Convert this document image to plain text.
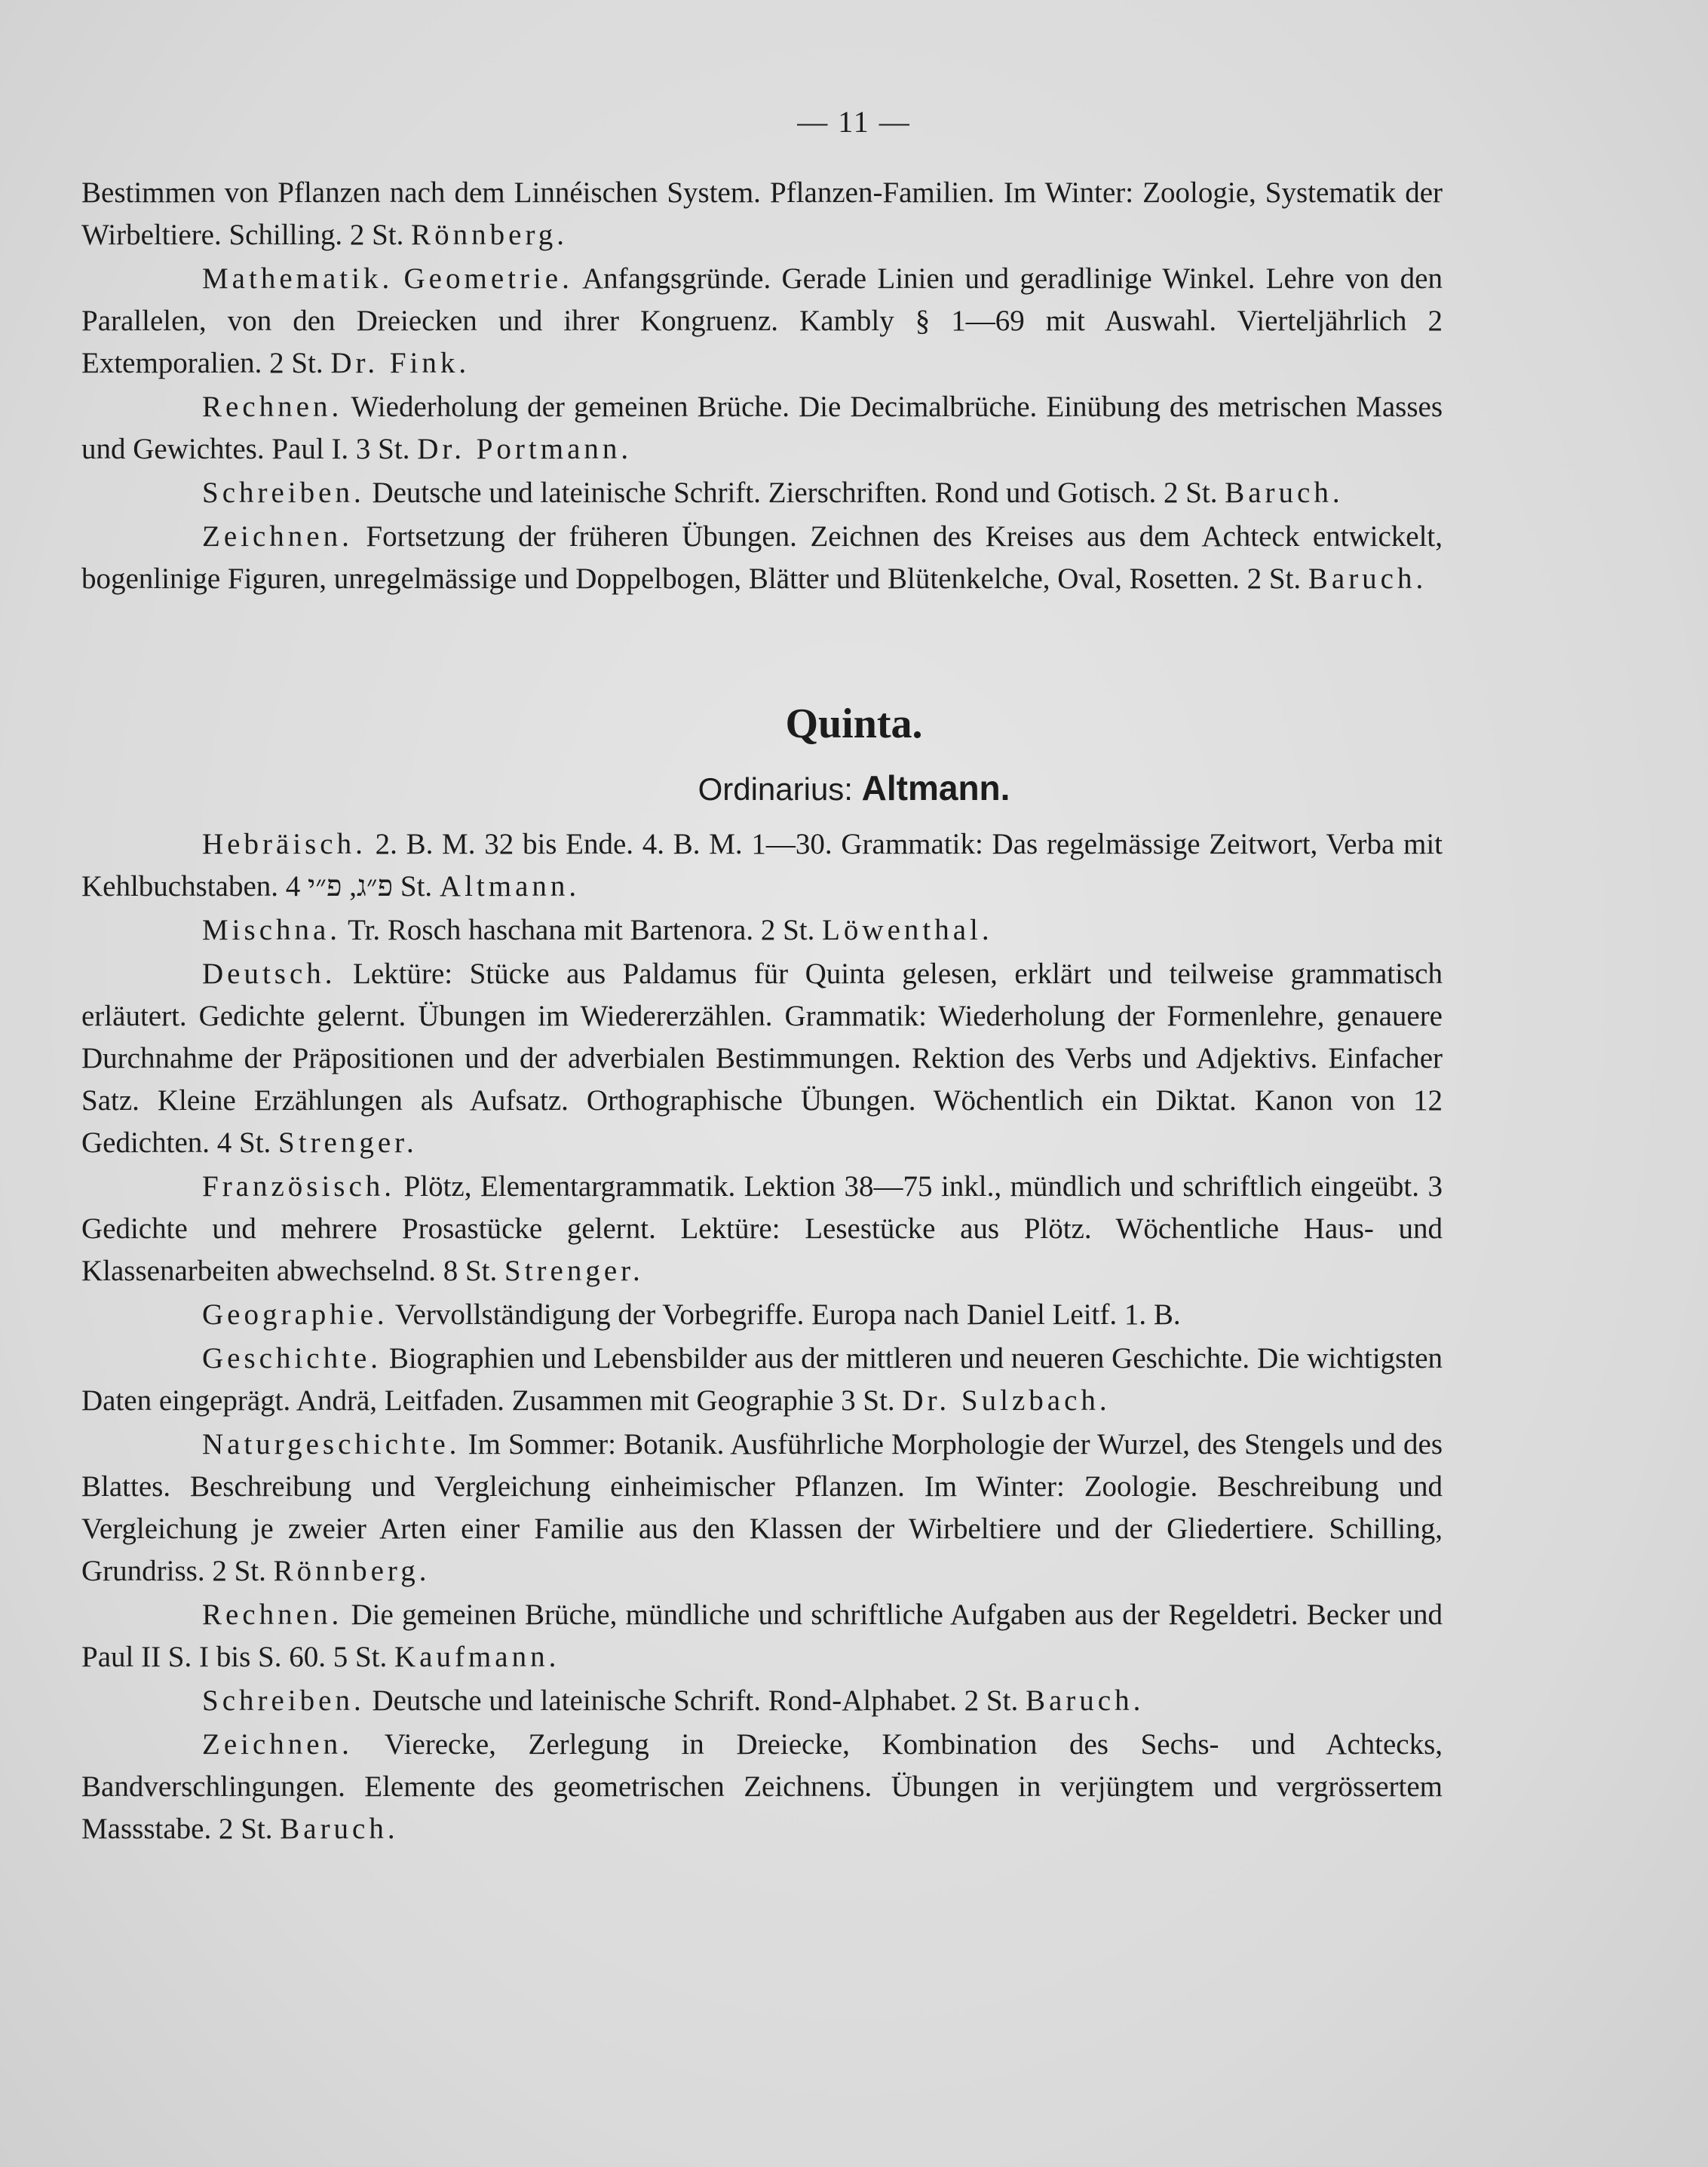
— 11 —

Bestimmen von Pflanzen nach dem Linnéischen System. Pflanzen-Familien. Im Winter: Zoologie, Systematik der Wirbeltiere. Schilling. 2 St. Rönnberg.

Mathematik. Geometrie. Anfangsgründe. Gerade Linien und geradlinige Winkel. Lehre von den Parallelen, von den Dreiecken und ihrer Kongruenz. Kambly § 1—69 mit Auswahl. Vierteljährlich 2 Extemporalien. 2 St. Dr. Fink.

Rechnen. Wiederholung der gemeinen Brüche. Die Decimalbrüche. Einübung des metrischen Masses und Gewichtes. Paul I. 3 St. Dr. Portmann.

Schreiben. Deutsche und lateinische Schrift. Zierschriften. Rond und Gotisch. 2 St. Baruch.

Zeichnen. Fortsetzung der früheren Übungen. Zeichnen des Kreises aus dem Achteck entwickelt, bogenlinige Figuren, unregelmässige und Doppelbogen, Blätter und Blütenkelche, Oval, Rosetten. 2 St. Baruch.

Quinta.
Ordinarius: Altmann.

Hebräisch. 2. B. M. 32 bis Ende. 4. B. M. 1—30. Grammatik: Das regelmässige Zeitwort, Verba mit Kehlbuchstaben. פ״ג, פ״י 4 St. Altmann.

Mischna. Tr. Rosch haschana mit Bartenora. 2 St. Löwenthal.

Deutsch. Lektüre: Stücke aus Paldamus für Quinta gelesen, erklärt und teilweise grammatisch erläutert. Gedichte gelernt. Übungen im Wiedererzählen. Grammatik: Wiederholung der Formenlehre, genauere Durchnahme der Präpositionen und der adverbialen Bestimmungen. Rektion des Verbs und Adjektivs. Einfacher Satz. Kleine Erzählungen als Aufsatz. Orthographische Übungen. Wöchentlich ein Diktat. Kanon von 12 Gedichten. 4 St. Strenger.

Französisch. Plötz, Elementargrammatik. Lektion 38—75 inkl., mündlich und schriftlich eingeübt. 3 Gedichte und mehrere Prosastücke gelernt. Lektüre: Lesestücke aus Plötz. Wöchentliche Haus- und Klassenarbeiten abwechselnd. 8 St. Strenger.

Geographie. Vervollständigung der Vorbegriffe. Europa nach Daniel Leitf. 1. B.

Geschichte. Biographien und Lebensbilder aus der mittleren und neueren Geschichte. Die wichtigsten Daten eingeprägt. Andrä, Leitfaden. Zusammen mit Geographie 3 St. Dr. Sulzbach.

Naturgeschichte. Im Sommer: Botanik. Ausführliche Morphologie der Wurzel, des Stengels und des Blattes. Beschreibung und Vergleichung einheimischer Pflanzen. Im Winter: Zoologie. Beschreibung und Vergleichung je zweier Arten einer Familie aus den Klassen der Wirbeltiere und der Gliedertiere. Schilling, Grundriss. 2 St. Rönnberg.

Rechnen. Die gemeinen Brüche, mündliche und schriftliche Aufgaben aus der Regeldetri. Becker und Paul II S. I bis S. 60. 5 St. Kaufmann.

Schreiben. Deutsche und lateinische Schrift. Rond-Alphabet. 2 St. Baruch.

Zeichnen. Vierecke, Zerlegung in Dreiecke, Kombination des Sechs- und Achtecks, Bandverschlingungen. Elemente des geometrischen Zeichnens. Übungen in verjüngtem und vergrössertem Massstabe. 2 St. Baruch.
